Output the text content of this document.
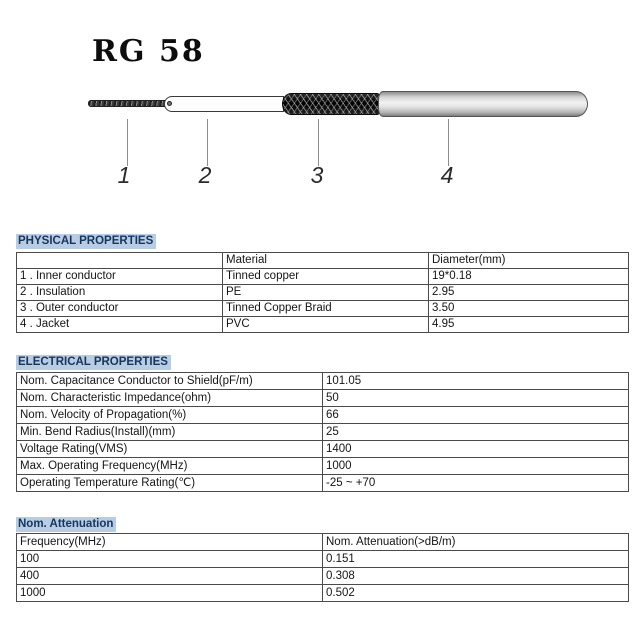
RG 58
1	2	3	4
PHYSICAL PROPERTIES
	Material	Diameter(mm)
1 . Inner conductor	Tinned copper	19*0.18
2 . Insulation	PE	2.95
3 . Outer conductor	Tinned Copper Braid	3.50
4 . Jacket	PVC	4.95
ELECTRICAL PROPERTIES
Nom. Capacitance Conductor to Shield(pF/m)	101.05
Nom. Characteristic Impedance(ohm)	50
Nom. Velocity of Propagation(%)	66
Min. Bend Radius(Install)(mm)	25
Voltage Rating(VMS)	1400
Max. Operating Frequency(MHz)	1000
Operating Temperature Rating(℃)	-25 ~ +70
Nom. Attenuation
Frequency(MHz)	Nom. Attenuation(>dB/m)
100	0.151
400	0.308
1000	0.502
